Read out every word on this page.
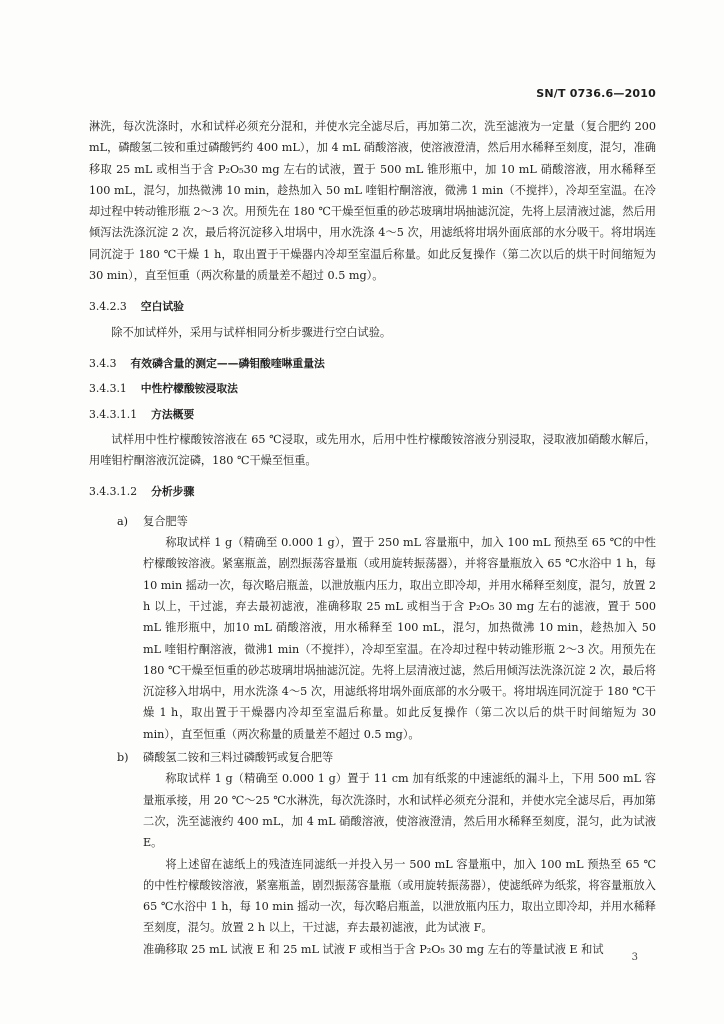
SN/T 0736.6—2010

淋洗，每次洗涤时，水和试样必须充分混和，并使水完全滤尽后，再加第二次，洗至滤液为一定量（复合肥约 200 mL，磷酸氢二铵和重过磷酸钙约 400 mL），加 4 mL 硝酸溶液，使溶液澄清，然后用水稀释至刻度，混匀，准确移取 25 mL 或相当于含 P₂O₅30 mg 左右的试液，置于 500 mL 锥形瓶中，加 10 mL 硝酸溶液，用水稀释至 100 mL，混匀，加热微沸 10 min，趁热加入 50 mL 喹钼柠酮溶液，微沸 1 min（不搅拌），冷却至室温。在冷却过程中转动锥形瓶 2～3 次。用预先在 180 ℃干燥至恒重的砂芯玻璃坩埚抽滤沉淀，先将上层清液过滤，然后用倾泻法洗涤沉淀 2 次，最后将沉淀移入坩埚中，用水洗涤 4～5 次，用滤纸将坩埚外面底部的水分吸干。将坩埚连同沉淀于 180 ℃干燥 1 h，取出置于干燥器内冷却至室温后称量。如此反复操作（第二次以后的烘干时间缩短为 30 min），直至恒重（两次称量的质量差不超过 0.5 mg）。

3.4.2.3 空白试验

除不加试样外，采用与试样相同分析步骤进行空白试验。

3.4.3 有效磷含量的测定——磷钼酸喹啉重量法
3.4.3.1 中性柠檬酸铵浸取法
3.4.3.1.1 方法概要

试样用中性柠檬酸铵溶液在 65 ℃浸取，或先用水，后用中性柠檬酸铵溶液分别浸取，浸取液加硝酸水解后，用喹钼柠酮溶液沉淀磷，180 ℃干燥至恒重。

3.4.3.1.2 分析步骤
a) 复合肥等

称取试样 1 g（精确至 0.000 1 g），置于 250 mL 容量瓶中，加入 100 mL 预热至 65 ℃的中性柠檬酸铵溶液。紧塞瓶盖，剧烈振荡容量瓶（或用旋转振荡器），并将容量瓶放入 65 ℃水浴中 1 h，每 10 min 摇动一次，每次略启瓶盖，以泄放瓶内压力，取出立即冷却，并用水稀释至刻度，混匀，放置 2 h 以上，干过滤，弃去最初滤液，准确移取 25 mL 或相当于含 P₂O₅ 30 mg 左右的滤液，置于 500 mL 锥形瓶中，加10 mL 硝酸溶液，用水稀释至 100 mL，混匀，加热微沸 10 min，趁热加入 50 mL 喹钼柠酮溶液，微沸1 min（不搅拌），冷却至室温。在冷却过程中转动锥形瓶 2～3 次。用预先在 180 ℃干燥至恒重的砂芯玻璃坩埚抽滤沉淀。先将上层清液过滤，然后用倾泻法洗涤沉淀 2 次，最后将沉淀移入坩埚中，用水洗涤 4～5 次，用滤纸将坩埚外面底部的水分吸干。将坩埚连同沉淀于 180 ℃干燥 1 h，取出置于干燥器内冷却至室温后称量。如此反复操作（第二次以后的烘干时间缩短为 30 min），直至恒重（两次称量的质量差不超过 0.5 mg）。

b) 磷酸氢二铵和三料过磷酸钙或复合肥等

称取试样 1 g（精确至 0.000 1 g）置于 11 cm 加有纸浆的中速滤纸的漏斗上，下用 500 mL 容量瓶承接，用 20 ℃～25 ℃水淋洗，每次洗涤时，水和试样必须充分混和，并使水完全滤尽后，再加第二次，洗至滤液约 400 mL，加 4 mL 硝酸溶液，使溶液澄清，然后用水稀释至刻度，混匀，此为试液 E。

将上述留在滤纸上的残渣连同滤纸一并投入另一 500 mL 容量瓶中，加入 100 mL 预热至 65 ℃ 的中性柠檬酸铵溶液，紧塞瓶盖，剧烈振荡容量瓶（或用旋转振荡器），使滤纸碎为纸浆，将容量瓶放入65 ℃水浴中 1 h，每 10 min 摇动一次，每次略启瓶盖，以泄放瓶内压力，取出立即冷却，并用水稀释至刻度，混匀。放置 2 h 以上，干过滤，弃去最初滤液，此为试液 F。

准确移取 25 mL 试液 E 和 25 mL 试液 F 或相当于含 P₂O₅ 30 mg 左右的等量试液 E 和试

3
